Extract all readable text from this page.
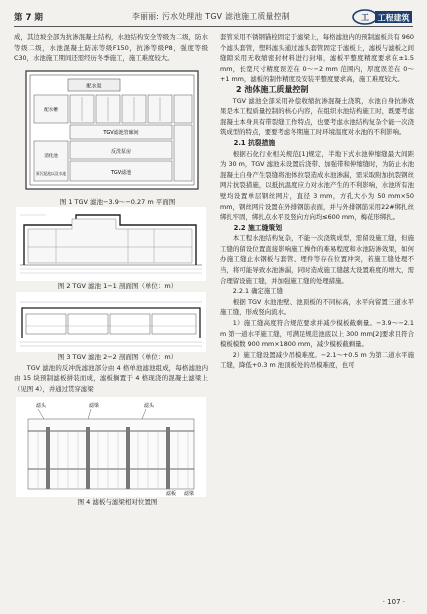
第 7 期	李丽丽: 污水处理池 TGV 滤池施工质量控制	工程建筑
工

成，其边坡全部为抗渗混凝土结构，水池结构安全等级为二级，防水等级二级，水池混凝土防冻等级F150，抗渗等级P8，强度等级C30，水池施工期间还需经历冬季施工，施工难度较大。

配水渠
配水槽
TGV滤池管廊间
反洗泵房
消化池
原污泥池以及水池	TGV滤池

图 1 TGV 滤池−3.9～−0.27 m 平面图

图 2 TGV 滤池 1−1 剖面图（单位：m）

图 3 TGV 滤池 2−2 剖面图（单位：m）

TGV 滤池的反冲洗滤池部分由 4 格单池滤池组成，每格滤池内由 15 块预制滤板拼装而成，滤板搁置于 4 格现浇的混凝土滤梁上（见图 4），并通过贯穿滤梁

滤头	滤梁	滤头
滤板 滤梁

图 4 滤板与滤梁相对位置图

套管采用不锈钢锚栓固定于滤梁上，每格滤池内的预制滤板共有 960 个滤头套管，塑料滤头通过滤头套管固定于滤板上，滤板与滤板之间缝隙采用无收缩密封材料进行封堵，滤板平整度精度要求在±1.5 mm，长宽尺寸精度误差在 0～−2 mm 范围内，厚度误差在 0～+1 mm，滤板的制作精度及安装平整度要求高，施工难度较大。

2 池体施工质量控制

TGV 滤池全部采用补偿收缩抗渗混凝土浇筑，水池自身抗渗效果是本工程质量控制的核心内容，在组织水池结构施工时，既要考虑混凝土本身具有带裂缝工作特点，也要考虑水池结构复杂个能一次浇筑成型的特点，要要考虑冬期施工时环境温度对水池的不利影响。

2.1 抗裂措施

根据石化行业相关规范[1]规定，半地下式水池伸缩缝最大间距为 30 m，TGV 滤池未设置后浇带、加强带和伸缩缝时，为防止水池混凝土自身产生裂缝将池体拉裂造成水池渗漏，需采取附加抗裂钢丝网片抗裂措施，以抵抗温度应力对水池产生的不利影响，水池所有池壁均设置单层钢丝网片，直径 3 mm，方孔大小为 50 mm×50 mm，钢丝网片设置在外排钢筋表面，并与外排钢筋采用22#绑扎丝绑扎牢固，绑扎点水平及竖向方向均≤600 mm，梅花形绑扎。

2.2 施工缝策划

本工程水池结构复杂，不能一次浇筑成型，需留设施工缝，但施工缝的留设位置直接影响施工操作的难易程度和水池防渗效果，如何办施工缝止水钢板与套管、埋件等存在位置冲突，若施工缝处理不当，将可能导致水池渗漏，同时造成施工缝越大设置难度的增大，需合理留设施工缝，并加强施工缝的处理措施。

2.2.1 确定施工缝

根据 TGV 水池池壁、池顶板的不同标高，水平向留置三道水平施工缝，形成竖向流水。

1）施工缝高度符合规范要求并减少模板截剩量。−3.9～−2.1 m 第一道水平施工缝，可满足规范池底以上 300 mm[2]要求且符合模板模数 900 mm×1800 mm，减少模板截剩量。

2）施工缝设置减少吊模难度。−2.1～+0.5 m 为第二道水平施工缝，降低+0.3 m 池顶板处的吊模难度，也可

· 107 ·
